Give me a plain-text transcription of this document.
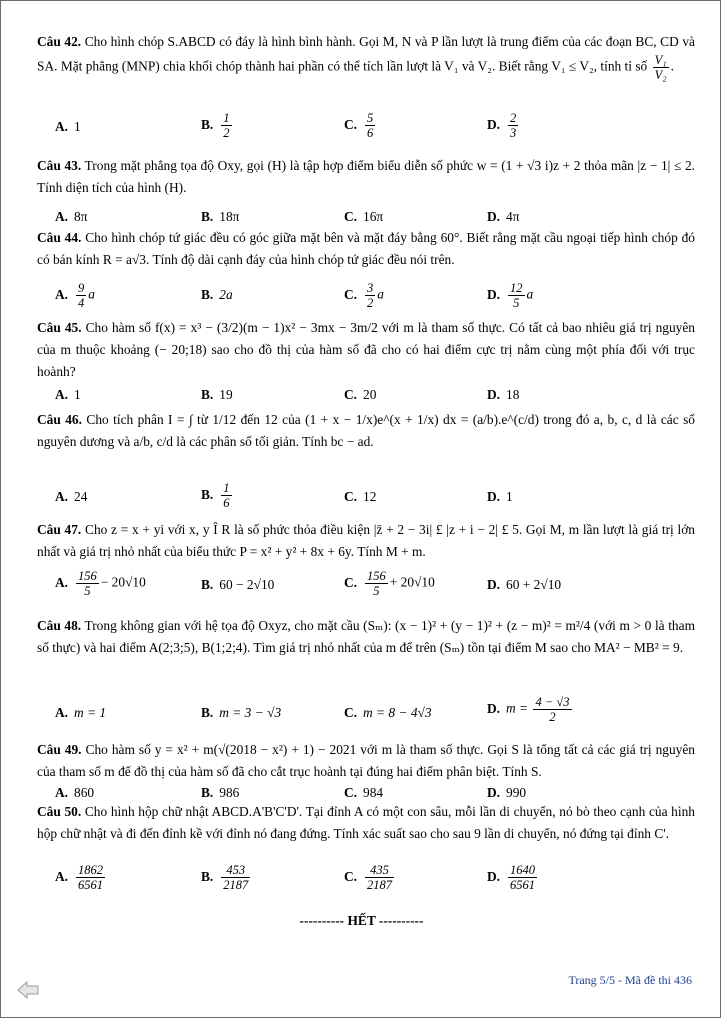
Câu 42. Cho hình chóp S.ABCD có đáy là hình bình hành. Gọi M, N và P lần lượt là trung điểm của các đoạn BC, CD và SA. Mặt phẳng (MNP) chia khối chóp thành hai phần có thể tích lần lượt là V₁ và V₂. Biết rằng V₁ ≤ V₂, tính tỉ số $\frac{\text{V₁}}{\text{V₂}}$ .

A. 1	B. $\frac{1}{2}$	C. $\frac{5}{6}$	D. $\frac{2}{3}$

Câu 43. Trong mặt phẳng tọa độ Oxy, gọi (H) là tập hợp điểm biểu diễn số phức w = (1 + √3 i)z + 2 thỏa mãn |z − 1| ≤ 2. Tính diện tích của hình (H).

A. 8π	B. 18π	C. 16π	D. 4π

Câu 44. Cho hình chóp tứ giác đều có góc giữa mặt bên và mặt đáy bằng 60°. Biết rằng mặt cầu ngoại tiếp hình chóp đó có bán kính R = a√3. Tính độ dài cạnh đáy của hình chóp tứ giác đều nói trên.

A. $\frac{9}{4}$ a	B. 2a	C. $\frac{3}{2}$ a	D. $\frac{12}{5}$ a

Câu 45. Cho hàm số f(x) = x³ − (3/2)(m − 1)x² − 3mx − 3m/2 với m là tham số thực. Có tất cả bao nhiêu giá trị nguyên của m thuộc khoảng (− 20;18) sao cho đồ thị của hàm số đã cho có hai điểm cực trị nằm cùng một phía đối với trục hoành?

A. 1	B. 19	C. 20	D. 18

Câu 46. Cho tích phân I = ∫ từ 1/12 đến 12 của (1 + x − 1/x)e^(x + 1/x) dx = (a/b).e^(c/d) trong đó a, b, c, d là các số nguyên dương và a/b, c/d là các phân số tối giản. Tính bc − ad.

A. 24	B. $\frac{1}{6}$	C. 12	D. 1

Câu 47. Cho z = x + yi với x, y Î R là số phức thỏa điều kiện |z̄ + 2 − 3i| £ |z + i − 2| £ 5. Gọi M, m lần lượt là giá trị lớn nhất và giá trị nhỏ nhất của biểu thức P = x² + y² + 8x + 6y. Tính M + m.

A. $\frac{156}{5} - 20√10$	B. 60 − 2√10	C. $\frac{156}{5} + 20√10$	D. 60 + 2√10

Câu 48. Trong không gian với hệ tọa độ Oxyz, cho mặt cầu (Sₘ): (x − 1)² + (y − 1)² + (z − m)² = m²/4 (với m > 0 là tham số thực) và hai điểm A(2;3;5), B(1;2;4). Tìm giá trị nhỏ nhất của m để trên (Sₘ) tồn tại điểm M sao cho MA² − MB² = 9.

A. m = 1	B. m = 3 − √3	C. m = 8 − 4√3	D. $m = \frac{4 - √3}{2}$

Câu 49. Cho hàm số y = x² + m(√(2018 − x²) + 1) − 2021 với m là tham số thực. Gọi S là tổng tất cả các giá trị nguyên của tham số m để đồ thị của hàm số đã cho cắt trục hoành tại đúng hai điểm phân biệt. Tính S.

A. 860	B. 986	C. 984	D. 990

Câu 50. Cho hình hộp chữ nhật ABCD.A'B'C'D'. Tại đỉnh A có một con sâu, mỗi lần di chuyển, nó bò theo cạnh của hình hộp chữ nhật và đi đến đỉnh kề với đỉnh nó đang đứng. Tính xác suất sao cho sau 9 lần di chuyển, nó đứng tại đỉnh C'.

A. $\frac{1862}{6561}$	B. $\frac{453}{2187}$	C. $\frac{435}{2187}$	D. $\frac{1640}{6561}$
---------- HẾT ----------
Trang 5/5 - Mã đề thi 436
